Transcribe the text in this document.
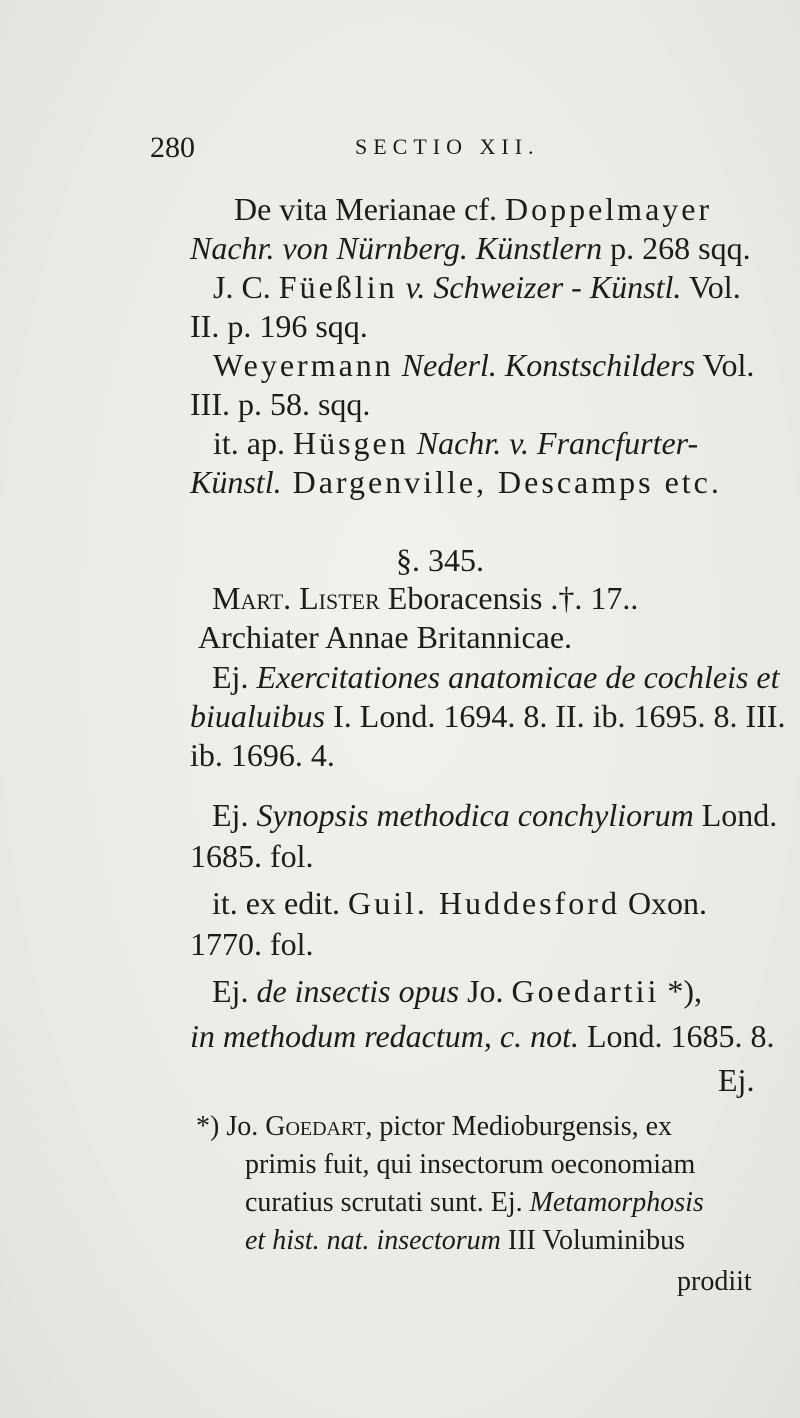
280	SECTIO XII.
De vita Merianae cf. Doppelmayer
Nachr. von Nürnberg. Künstlern p. 268 sqq.
J. C. Füeßlin v. Schweizer - Künstl. Vol.
II. p. 196 sqq.
Weyermann Nederl. Konstschilders Vol.
III. p. 58. sqq.
it. ap. Hüsgen Nachr. v. Francfurter-
Künstl. Dargenville, Descamps etc.
§. 345.
Mart. Lister Eboracensis .†. 17..
Archiater Annae Britannicae.
Ej. Exercitationes anatomicae de cochleis et
biualuibus I. Lond. 1694. 8. II. ib. 1695. 8. III.
ib. 1696. 4.
Ej. Synopsis methodica conchyliorum Lond.
1685. fol.
it. ex edit. Guil. Huddesford Oxon.
1770. fol.
Ej. de insectis opus Jo. Goedartii *),
in methodum redactum, c. not. Lond. 1685. 8.
Ej.
*) Jo. Goedart, pictor Medioburgensis, ex
primis fuit, qui insectorum oeconomiam
curatius scrutati sunt. Ej. Metamorphosis
et hist. nat. insectorum III Voluminibus
prodiit
